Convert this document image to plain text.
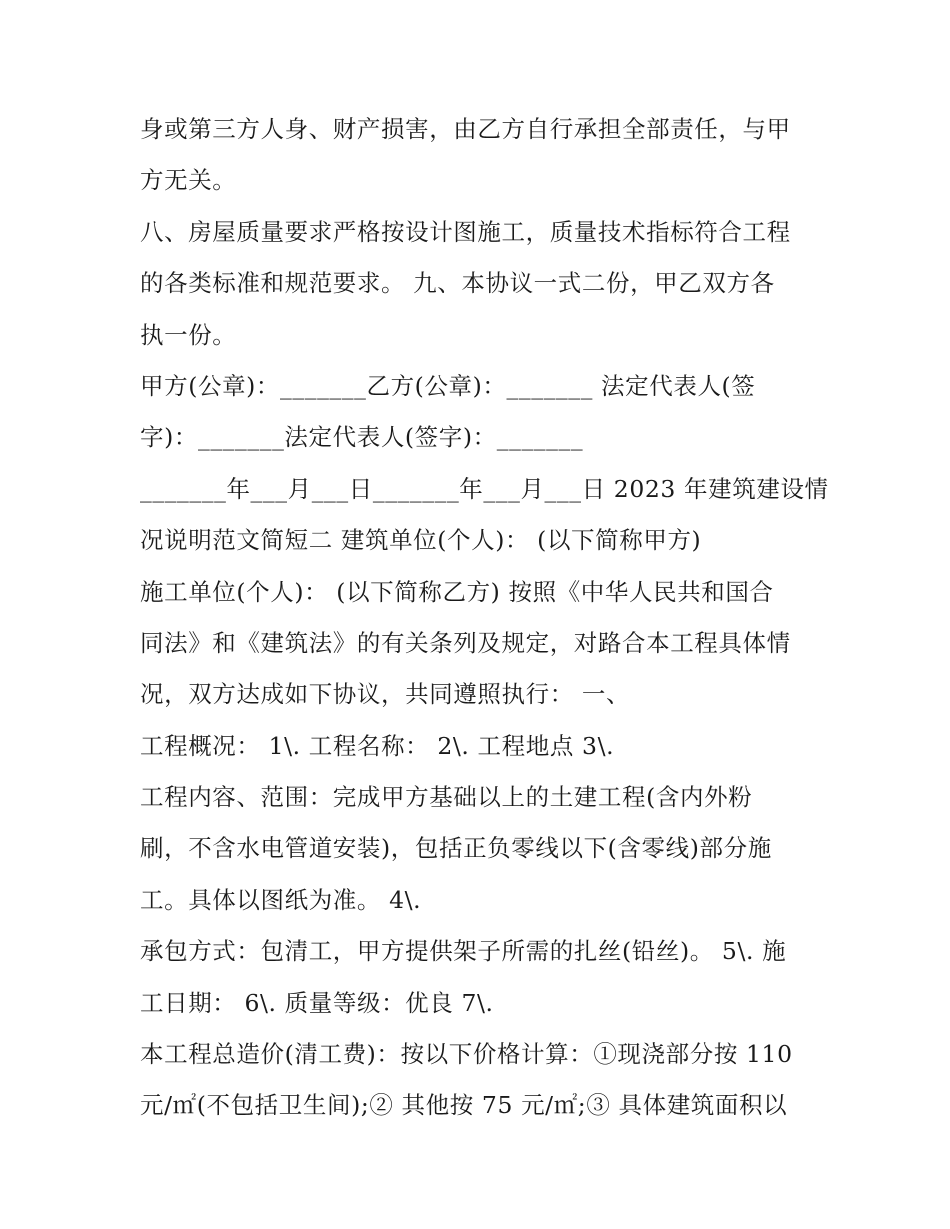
身或第三方人身、财产损害，由乙方自行承担全部责任，与甲
方无关。
八、房屋质量要求严格按设计图施工，质量技术指标符合工程
的各类标准和规范要求。 九、本协议一式二份，甲乙双方各
执一份。
甲方(公章)：_______乙方(公章)：_______ 法定代表人(签
字)：_______法定代表人(签字)：_______
_______年___月___日_______年___月___日 2023 年建筑建设情
况说明范文简短二 建筑单位(个人)： (以下简称甲方)
施工单位(个人)： (以下简称乙方) 按照《中华人民共和国合
同法》和《建筑法》的有关条列及规定，对路合本工程具体情
况，双方达成如下协议，共同遵照执行： 一、
工程概况： 1\. 工程名称： 2\. 工程地点 3\.
工程内容、范围：完成甲方基础以上的土建工程(含内外粉
刷，不含水电管道安装)，包括正负零线以下(含零线)部分施
工。具体以图纸为准。 4\.
承包方式：包清工，甲方提供架子所需的扎丝(铅丝)。 5\. 施
工日期： 6\. 质量等级：优良 7\.
本工程总造价(清工费)：按以下价格计算：①现浇部分按 110
元/㎡(不包括卫生间);② 其他按 75 元/㎡;③ 具体建筑面积以
